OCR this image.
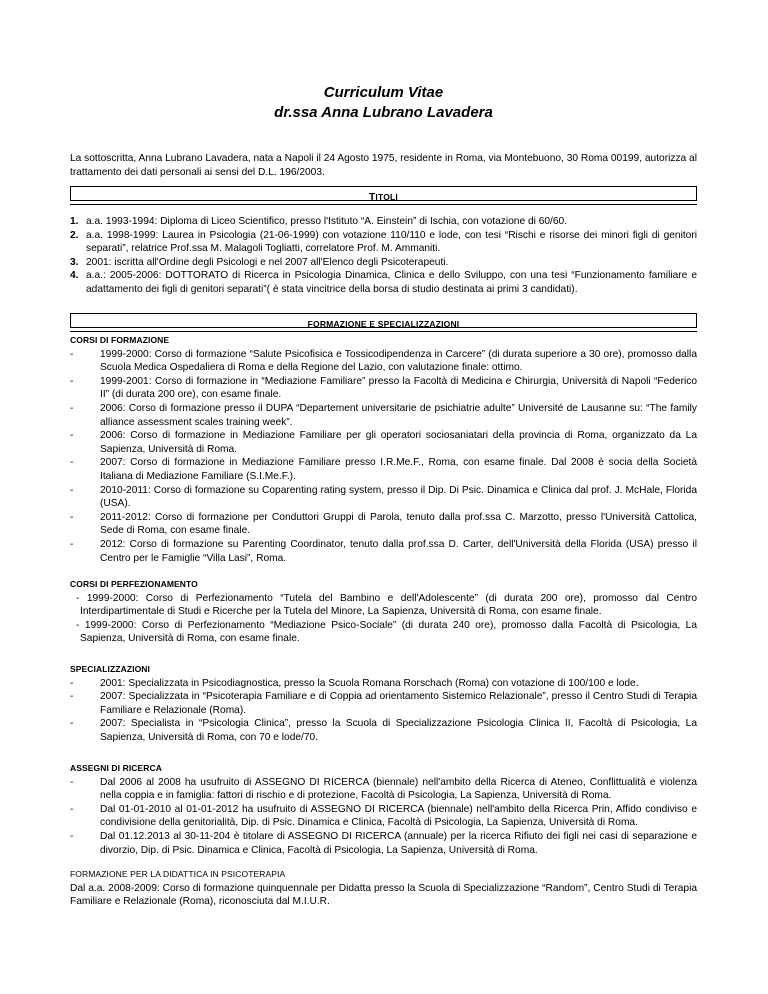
Curriculum Vitae
dr.ssa Anna Lubrano Lavadera
La sottoscritta, Anna Lubrano Lavadera, nata a Napoli il 24 Agosto 1975, residente in Roma, via Montebuono, 30 Roma 00199, autorizza al trattamento dei dati personali ai sensi del D.L. 196/2003.
TITOLI
1. a.a. 1993-1994: Diploma di Liceo Scientifico, presso l'Istituto “A. Einstein” di Ischia, con votazione di 60/60.
2. a.a. 1998-1999: Laurea in Psicologia (21-06-1999) con votazione 110/110 e lode, con tesi “Rischi e risorse dei minori figli di genitori separati”, relatrice Prof.ssa M. Malagoli Togliatti, correlatore Prof. M. Ammaniti.
3. 2001: iscritta all'Ordine degli Psicologi e nel 2007 all'Elenco degli Psicoterapeuti.
4. a.a.: 2005-2006: DOTTORATO di Ricerca in Psicologia Dinamica, Clinica e dello Sviluppo, con una tesi “Funzionamento familiare e adattamento dei figli di genitori separati”( è stata vincitrice della borsa di studio destinata ai primi 3 candidati).
FORMAZIONE E SPECIALIZZAZIONI
CORSI DI FORMAZIONE
-	1999-2000: Corso di formazione “Salute Psicofisica e Tossicodipendenza in Carcere” (di durata superiore a 30 ore), promosso dalla Scuola Medica Ospedaliera di Roma e della Regione del Lazio, con valutazione finale: ottimo.
-	1999-2001: Corso di formazione in “Mediazione Familiare” presso la Facoltà di Medicina e Chirurgia, Università di Napoli “Federico II” (di durata 200 ore), con esame finale.
-	2006: Corso di formazione presso il DUPA “Departement universitarie de psichiatrie adulte” Université de Lausanne su: “The family alliance assessment scales training week”.
-	2006: Corso di formazione in Mediazione Familiare per gli operatori sociosaniatari della provincia di Roma, organizzato da La Sapienza, Università di Roma.
-	2007: Corso di formazione in Mediazione Familiare presso I.R.Me.F., Roma, con esame finale. Dal 2008 è socia della Società Italiana di Mediazione Familiare (S.I.Me.F.).
-	2010-2011: Corso di formazione su Coparenting rating system, presso il Dip. Di Psic. Dinamica e Clinica dal prof. J. McHale, Florida (USA).
-	2011-2012: Corso di formazione per Conduttori Gruppi di Parola, tenuto dalla prof.ssa C. Marzotto, presso l'Università Cattolica, Sede di Roma, con esame finale.
-	2012: Corso di formazione su Parenting Coordinator, tenuto dalla prof.ssa D. Carter, dell'Università della Florida (USA) presso il Centro per le Famiglie “Villa Lasi”, Roma.
CORSI DI PERFEZIONAMENTO
- 1999-2000: Corso di Perfezionamento “Tutela del Bambino e dell'Adolescente” (di durata 200 ore), promosso dal Centro Interdipartimentale di Studi e Ricerche per la Tutela del Minore, La Sapienza, Università di Roma, con esame finale.
- 1999-2000: Corso di Perfezionamento “Mediazione Psico-Sociale” (di durata 240 ore), promosso dalla Facoltà di Psicologia, La Sapienza, Università di Roma, con esame finale.
SPECIALIZZAZIONI
-	2001: Specializzata in Psicodiagnostica, presso la Scuola Romana Rorschach (Roma) con votazione di 100/100 e lode.
-	2007: Specializzata in “Psicoterapia Familiare e di Coppia ad orientamento Sistemico Relazionale”, presso il Centro Studi di Terapia Familiare e Relazionale (Roma).
-	2007: Specialista in “Psicologia Clinica”, presso la Scuola di Specializzazione Psicologia Clinica II, Facoltà di Psicologia, La Sapienza, Università di Roma, con 70 e lode/70.
ASSEGNI DI RICERCA
-	Dal 2006 al 2008 ha usufruito di ASSEGNO DI RICERCA (biennale) nell'ambito della Ricerca di Ateneo, Conflittualità e violenza nella coppia e in famiglia: fattori di rischio e di protezione, Facoltà di Psicologia, La Sapienza, Università di Roma.
-	Dal 01-01-2010 al 01-01-2012 ha usufruito di ASSEGNO DI RICERCA (biennale) nell'ambito della Ricerca Prin, Affido condiviso e condivisione della genitorialità, Dip. di Psic. Dinamica e Clinica, Facoltà di Psicologia, La Sapienza, Università di Roma.
-	Dal 01.12.2013 al 30-11-204 è titolare di ASSEGNO DI RICERCA (annuale) per la ricerca Rifiuto dei figli nei casi di separazione e divorzio, Dip. di Psic. Dinamica e Clinica, Facoltà di Psicologia, La Sapienza, Università di Roma.
FORMAZIONE PER LA DIDATTICA IN PSICOTERAPIA
Dal a.a. 2008-2009: Corso di formazione quinquennale per Didatta presso la Scuola di Specializzazione “Random”, Centro Studi di Terapia Familiare e Relazionale (Roma), riconosciuta dal M.I.U.R.
